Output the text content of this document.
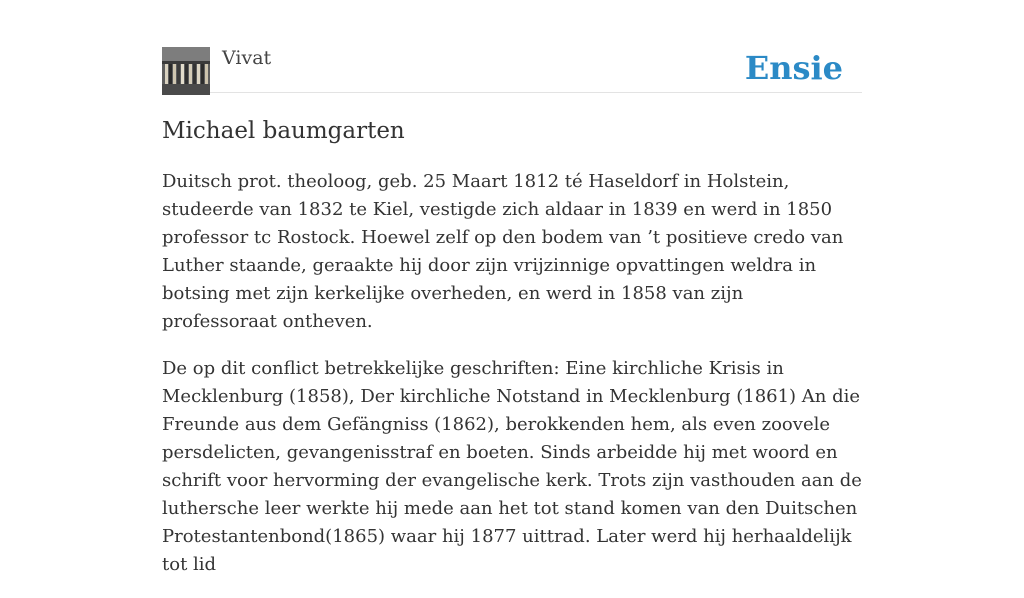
Vivat	Ensie
Michael baumgarten

Duitsch prot. theoloog, geb. 25 Maart 1812 té Haseldorf in Holstein, studeerde van 1832 te Kiel, vestigde zich aldaar in 1839 en werd in 1850 professor tc Rostock. Hoewel zelf op den bodem van ’t positieve credo van Luther staande, geraakte hij door zijn vrijzinnige opvattingen weldra in botsing met zijn kerkelijke overheden, en werd in 1858 van zijn professoraat ontheven.

De op dit conflict betrekkelijke geschriften: Eine kirchliche Krisis in Mecklenburg (1858), Der kirchliche Notstand in Mecklenburg (1861) An die Freunde aus dem Gefängniss (1862), berokkenden hem, als even zoovele persdelicten, gevangenisstraf en boeten. Sinds arbeidde hij met woord en schrift voor hervorming der evangelische kerk. Trots zijn vasthouden aan de luthersche leer werkte hij mede aan het tot stand komen van den Duitschen Protestantenbond(1865) waar hij 1877 uittrad. Later werd hij herhaaldelijk tot lid
